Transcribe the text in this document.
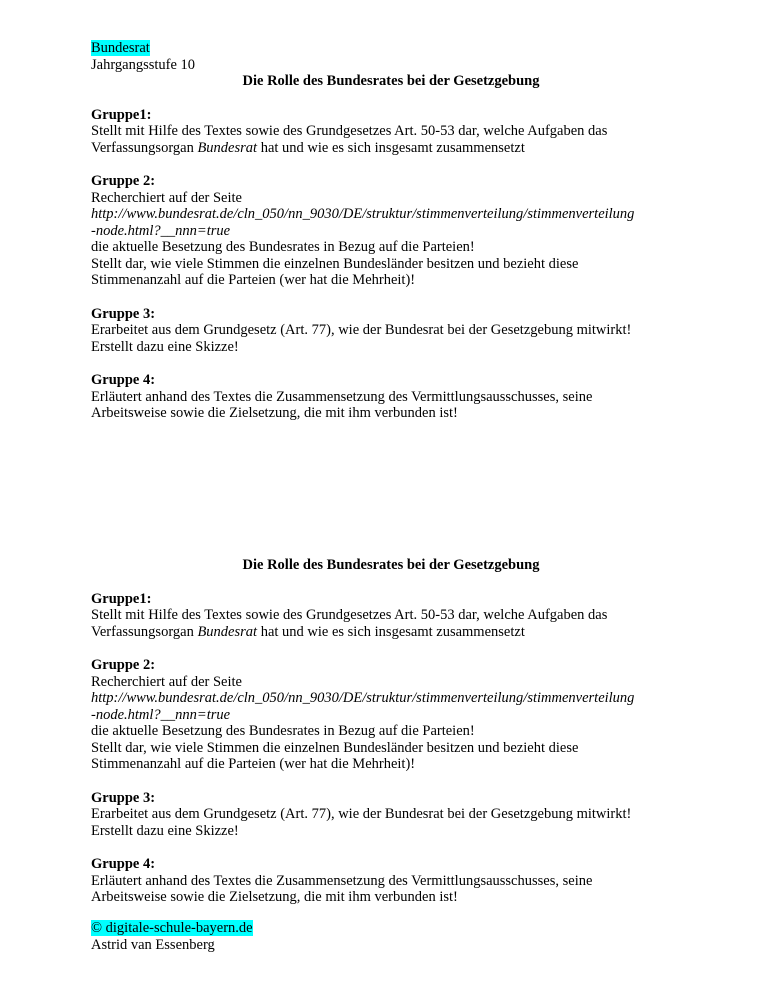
Bundesrat
Jahrgangsstufe 10
Die Rolle des Bundesrates bei der Gesetzgebung
Gruppe1:
Stellt mit Hilfe des Textes sowie des Grundgesetzes Art. 50-53 dar, welche Aufgaben das
Verfassungsorgan Bundesrat hat und wie es sich insgesamt zusammensetzt
Gruppe 2:
Recherchiert auf der Seite
http://www.bundesrat.de/cln_050/nn_9030/DE/struktur/stimmenverteilung/stimmenverteilung
-node.html?__nnn=true
die aktuelle Besetzung des Bundesrates in Bezug auf die Parteien!
Stellt dar, wie viele Stimmen die einzelnen Bundesländer besitzen und bezieht diese
Stimmenanzahl auf die Parteien (wer hat die Mehrheit)!
Gruppe 3:
Erarbeitet aus dem Grundgesetz (Art. 77), wie der Bundesrat bei der Gesetzgebung mitwirkt!
Erstellt dazu eine Skizze!
Gruppe 4:
Erläutert anhand des Textes die Zusammensetzung des Vermittlungsausschusses, seine
Arbeitsweise sowie die Zielsetzung, die mit ihm verbunden ist!
Die Rolle des Bundesrates bei der Gesetzgebung
Gruppe1:
Stellt mit Hilfe des Textes sowie des Grundgesetzes Art. 50-53 dar, welche Aufgaben das
Verfassungsorgan Bundesrat hat und wie es sich insgesamt zusammensetzt
Gruppe 2:
Recherchiert auf der Seite
http://www.bundesrat.de/cln_050/nn_9030/DE/struktur/stimmenverteilung/stimmenverteilung
-node.html?__nnn=true
die aktuelle Besetzung des Bundesrates in Bezug auf die Parteien!
Stellt dar, wie viele Stimmen die einzelnen Bundesländer besitzen und bezieht diese
Stimmenanzahl auf die Parteien (wer hat die Mehrheit)!
Gruppe 3:
Erarbeitet aus dem Grundgesetz (Art. 77), wie der Bundesrat bei der Gesetzgebung mitwirkt!
Erstellt dazu eine Skizze!
Gruppe 4:
Erläutert anhand des Textes die Zusammensetzung des Vermittlungsausschusses, seine
Arbeitsweise sowie die Zielsetzung, die mit ihm verbunden ist!
© digitale-schule-bayern.de
Astrid van Essenberg
